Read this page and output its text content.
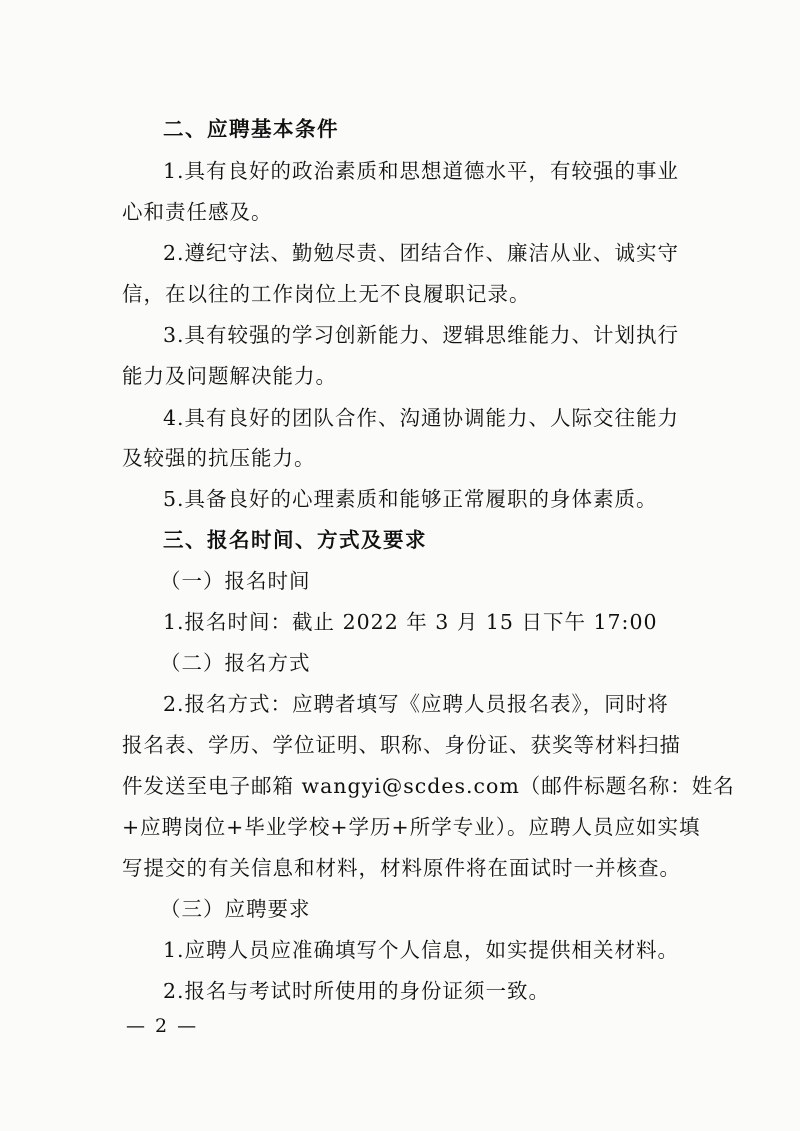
二、应聘基本条件
1.具有良好的政治素质和思想道德水平，有较强的事业
心和责任感及。
2.遵纪守法、勤勉尽责、团结合作、廉洁从业、诚实守
信，在以往的工作岗位上无不良履职记录。
3.具有较强的学习创新能力、逻辑思维能力、计划执行
能力及问题解决能力。
4.具有良好的团队合作、沟通协调能力、人际交往能力
及较强的抗压能力。
5.具备良好的心理素质和能够正常履职的身体素质。
三、报名时间、方式及要求
（一）报名时间
1.报名时间：截止 2022 年 3 月 15 日下午 17:00
（二）报名方式
2.报名方式：应聘者填写《应聘人员报名表》，同时将
报名表、学历、学位证明、职称、身份证、获奖等材料扫描
件发送至电子邮箱 wangyi@scdes.com（邮件标题名称：姓名
+应聘岗位+毕业学校+学历+所学专业）。应聘人员应如实填
写提交的有关信息和材料，材料原件将在面试时一并核查。
（三）应聘要求
1.应聘人员应准确填写个人信息，如实提供相关材料。
2.报名与考试时所使用的身份证须一致。
— 2 —
